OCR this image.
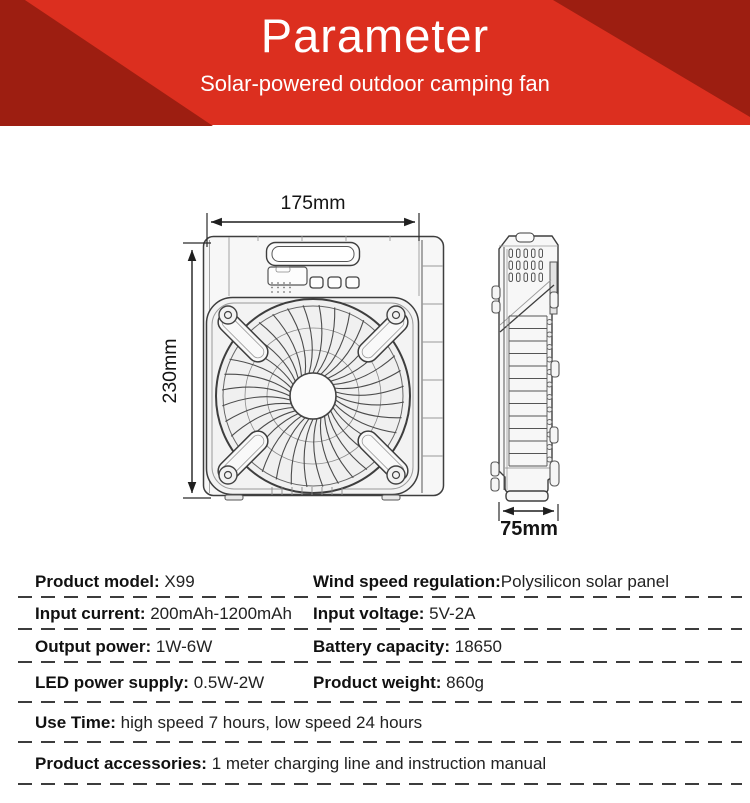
Parameter

Solar-powered outdoor camping fan

175mm
230mm
75mm
Product model: X99	Wind speed regulation:Polysilicon solar panel
Input current: 200mAh-1200mAh	Input voltage: 5V-2A
Output power: 1W-6W	Battery capacity: 18650
LED power supply: 0.5W-2W	Product weight: 860g
Use Time: high speed 7 hours, low speed 24 hours
Product accessories: 1 meter charging line and instruction manual
